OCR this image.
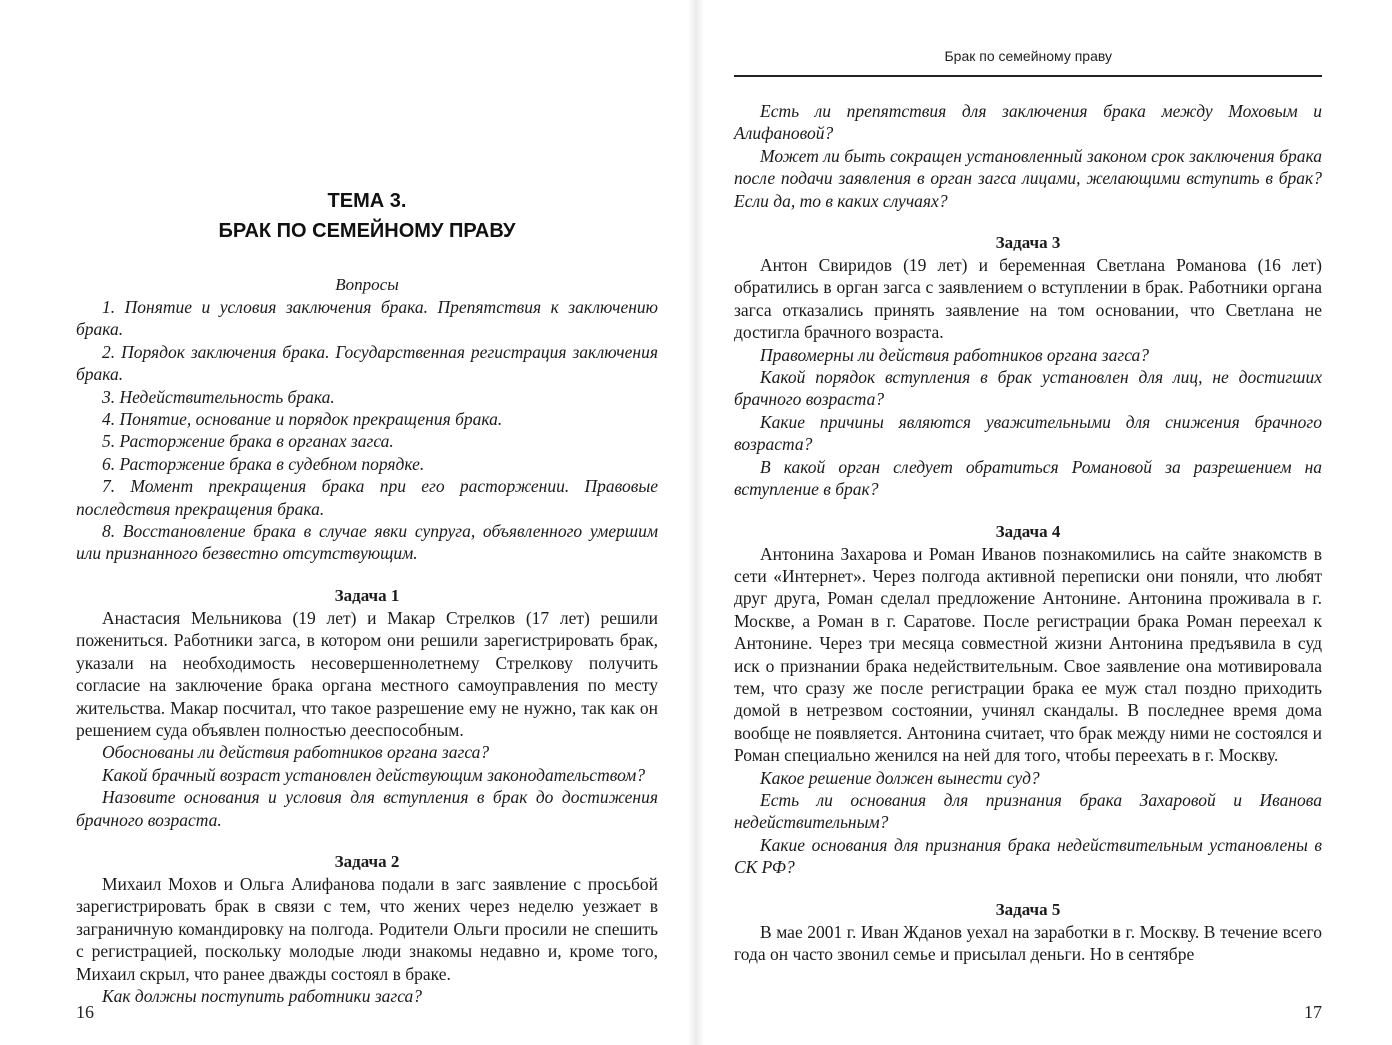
ТЕМА 3.
БРАК ПО СЕМЕЙНОМУ ПРАВУ
Вопросы

1. Понятие и условия заключения брака. Препятствия к заключению брака.

2. Порядок заключения брака. Государственная регистрация заключения брака.

3. Недействительность брака.

4. Понятие, основание и порядок прекращения брака.

5. Расторжение брака в органах загса.

6. Расторжение брака в судебном порядке.

7. Момент прекращения брака при его расторжении. Правовые последствия прекращения брака.

8. Восстановление брака в случае явки супруга, объявленного умершим или признанного безвестно отсутствующим.

Задача 1

Анастасия Мельникова (19 лет) и Макар Стрелков (17 лет) решили пожениться. Работники загса, в котором они решили зарегистрировать брак, указали на необходимость несовершеннолетнему Стрелкову получить согласие на заключение брака органа местного самоуправления по месту жительства. Макар посчитал, что такое разрешение ему не нужно, так как он решением суда объявлен полностью дееспособным.

Обоснованы ли действия работников органа загса?

Какой брачный возраст установлен действующим законодательством?

Назовите основания и условия для вступления в брак до достижения брачного возраста.

Задача 2

Михаил Мохов и Ольга Алифанова подали в загс заявление с просьбой зарегистрировать брак в связи с тем, что жених через неделю уезжает в заграничную командировку на полгода. Родители Ольги просили не спешить с регистрацией, поскольку молодые люди знакомы недавно и, кроме того, Михаил скрыл, что ранее дважды состоял в браке.

Как должны поступить работники загса?

16
Брак по семейному праву

Есть ли препятствия для заключения брака между Моховым и Алифановой?

Может ли быть сокращен установленный законом срок заключения брака после подачи заявления в орган загса лицами, желающими вступить в брак? Если да, то в каких случаях?

Задача 3

Антон Свиридов (19 лет) и беременная Светлана Романова (16 лет) обратились в орган загса с заявлением о вступлении в брак. Работники органа загса отказались принять заявление на том основании, что Светлана не достигла брачного возраста.

Правомерны ли действия работников органа загса?

Какой порядок вступления в брак установлен для лиц, не достигших брачного возраста?

Какие причины являются уважительными для снижения брачного возраста?

В какой орган следует обратиться Романовой за разрешением на вступление в брак?

Задача 4

Антонина Захарова и Роман Иванов познакомились на сайте знакомств в сети «Интернет». Через полгода активной переписки они поняли, что любят друг друга, Роман сделал предложение Антонине. Антонина проживала в г. Москве, а Роман в г. Саратове. После регистрации брака Роман переехал к Антонине. Через три месяца совместной жизни Антонина предъявила в суд иск о признании брака недействительным. Свое заявление она мотивировала тем, что сразу же после регистрации брака ее муж стал поздно приходить домой в нетрезвом состоянии, учинял скандалы. В последнее время дома вообще не появляется. Антонина считает, что брак между ними не состоялся и Роман специально женился на ней для того, чтобы переехать в г. Москву.

Какое решение должен вынести суд?

Есть ли основания для признания брака Захаровой и Иванова недействительным?

Какие основания для признания брака недействительным установлены в СК РФ?

Задача 5

В мае 2001 г. Иван Жданов уехал на заработки в г. Москву. В течение всего года он часто звонил семье и присылал деньги. Но в сентябре

17
